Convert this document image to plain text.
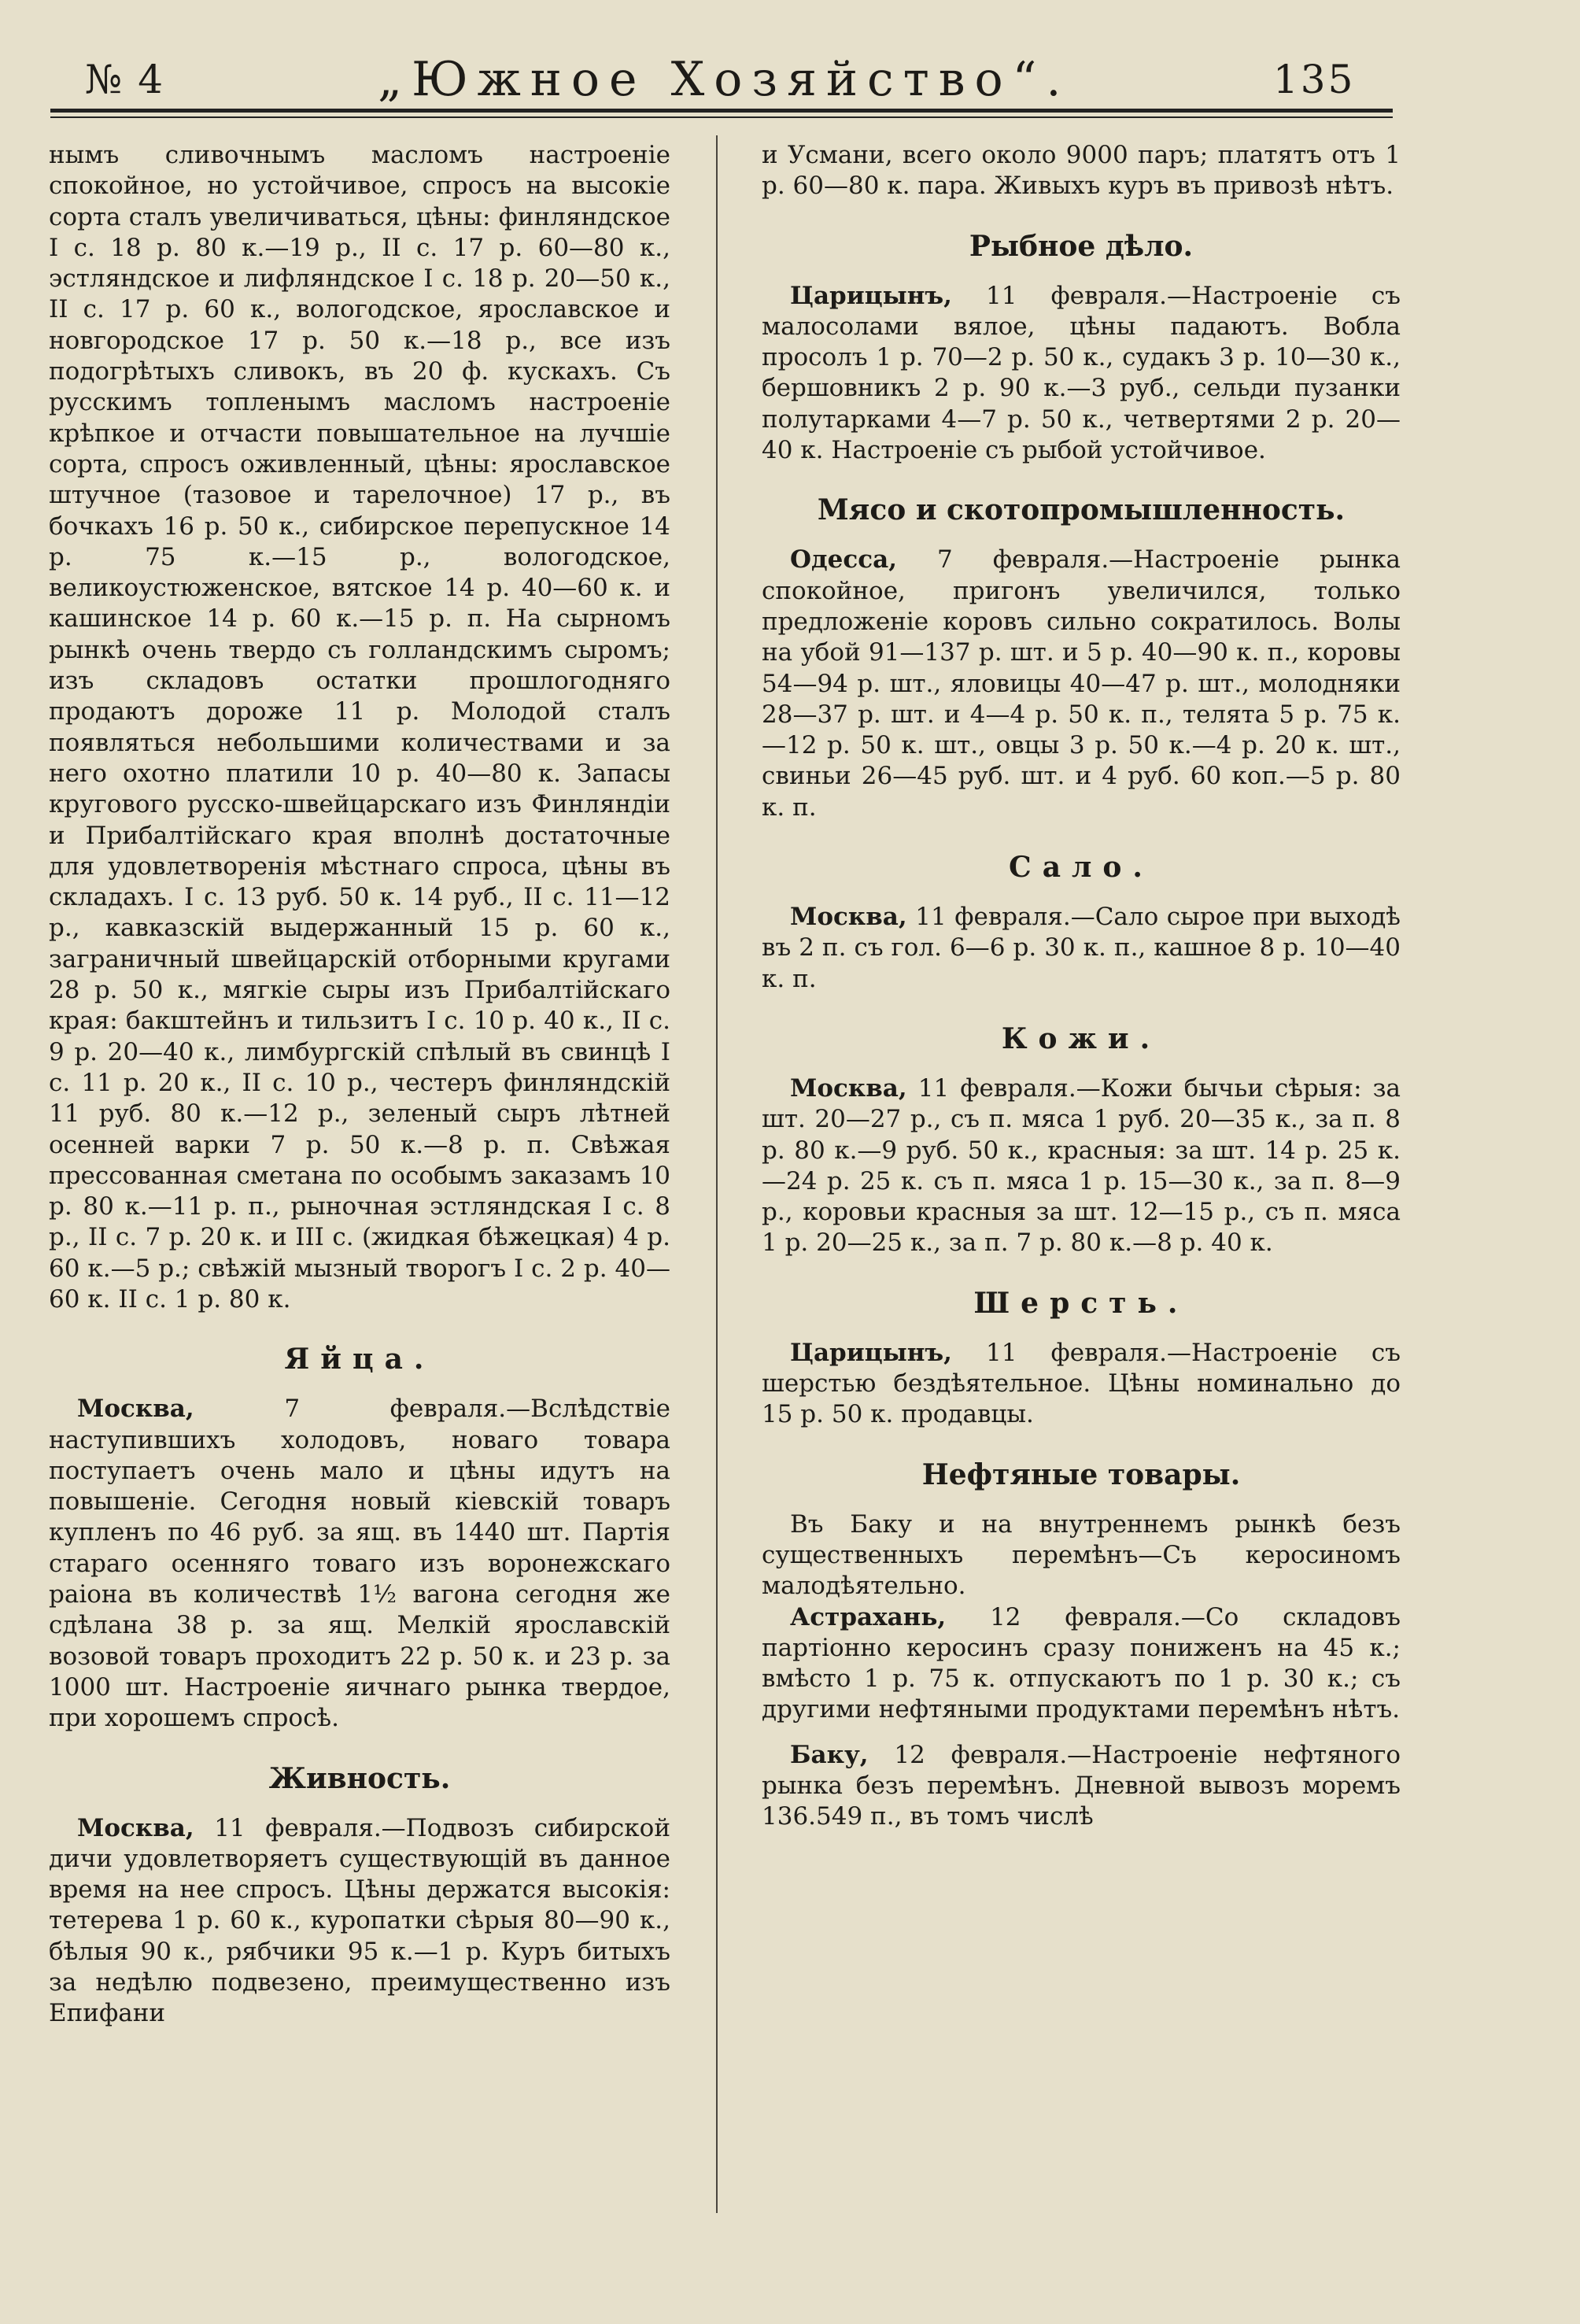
№ 4	„Южное Хозяйство“.	135

нымъ сливочнымъ масломъ настроеніе спокойное, но устойчивое, спросъ на высокіе сорта сталъ увеличиваться, цѣны: финляндское I с. 18 р. 80 к.—19 р., II с. 17 р. 60—80 к., эстляндское и лифляндское I с. 18 р. 20—50 к., II с. 17 р. 60 к., вологодское, ярославское и новгородское 17 р. 50 к.—18 р., все изъ подогрѣтыхъ сливокъ, въ 20 ф. кускахъ. Съ русскимъ топленымъ масломъ настроеніе крѣпкое и отчасти повышательное на лучшіе сорта, спросъ оживленный, цѣны: ярославское штучное (тазовое и тарелочное) 17 р., въ бочкахъ 16 р. 50 к., сибирское перепускное 14 р. 75 к.—15 р., вологодское, великоустюженское, вятское 14 р. 40—60 к. и кашинское 14 р. 60 к.—15 р. п. На сырномъ рынкѣ очень твердо съ голландскимъ сыромъ; изъ складовъ остатки прошлогодняго продаютъ дороже 11 р. Молодой сталъ появляться небольшими количествами и за него охотно платили 10 р. 40—80 к. Запасы кругового русско-швейцарскаго изъ Финляндіи и Прибалтійскаго края вполнѣ достаточные для удовлетворенія мѣстнаго спроса, цѣны въ складахъ. I с. 13 руб. 50 к. 14 руб., II с. 11—12 р., кавказскій выдержанный 15 р. 60 к., заграничный швейцарскій отборными кругами 28 р. 50 к., мягкіе сыры изъ Прибалтійскаго края: бакштейнъ и тильзитъ I с. 10 р. 40 к., II с. 9 р. 20—40 к., лимбургскій спѣлый въ свинцѣ I с. 11 р. 20 к., II с. 10 р., честеръ финляндскій 11 руб. 80 к.—12 р., зеленый сыръ лѣтней осенней варки 7 р. 50 к.—8 р. п. Свѣжая прессованная сметана по особымъ заказамъ 10 р. 80 к.—11 р. п., рыночная эстляндская I с. 8 р., II с. 7 р. 20 к. и III с. (жидкая бѣжецкая) 4 р. 60 к.—5 р.; свѣжій мызный творогъ I с. 2 р. 40—60 к. II с. 1 р. 80 к.

Яйца.

Москва, 7 февраля.—Вслѣдствіе наступившихъ холодовъ, новаго товара поступаетъ очень мало и цѣны идутъ на повышеніе. Сегодня новый кіевскій товаръ купленъ по 46 руб. за ящ. въ 1440 шт. Партія стараго осенняго товаго изъ воронежскаго раіона въ количествѣ 1½ вагона сегодня же сдѣлана 38 р. за ящ. Мелкій ярославскій возовой товаръ проходитъ 22 р. 50 к. и 23 р. за 1000 шт. Настроеніе яичнаго рынка твердое, при хорошемъ спросѣ.

Живность.

Москва, 11 февраля.—Подвозъ сибирской дичи удовлетворяетъ существующій въ данное время на нее спросъ. Цѣны держатся высокія: тетерева 1 р. 60 к., куропатки сѣрыя 80—90 к., бѣлыя 90 к., рябчики 95 к.—1 р. Куръ битыхъ за недѣлю подвезено, преимущественно изъ Епифани

и Усмани, всего около 9000 паръ; платятъ отъ 1 р. 60—80 к. пара. Живыхъ куръ въ привозѣ нѣтъ.

Рыбное дѣло.

Царицынъ, 11 февраля.—Настроеніе съ малосолами вялое, цѣны падаютъ. Вобла просолъ 1 р. 70—2 р. 50 к., судакъ 3 р. 10—30 к., бершовникъ 2 р. 90 к.—3 руб., сельди пузанки полутарками 4—7 р. 50 к., четвертями 2 р. 20—40 к. Настроеніе съ рыбой устойчивое.

Мясо и скотопромышленность.

Одесса, 7 февраля.—Настроеніе рынка спокойное, пригонъ увеличился, только предложеніе коровъ сильно сократилось. Волы на убой 91—137 р. шт. и 5 р. 40—90 к. п., коровы 54—94 р. шт., яловицы 40—47 р. шт., молодняки 28—37 р. шт. и 4—4 р. 50 к. п., телята 5 р. 75 к.—12 р. 50 к. шт., овцы 3 р. 50 к.—4 р. 20 к. шт., свиньи 26—45 руб. шт. и 4 руб. 60 коп.—5 р. 80 к. п.

Сало.

Москва, 11 февраля.—Сало сырое при выходѣ въ 2 п. съ гол. 6—6 р. 30 к. п., кашное 8 р. 10—40 к. п.

Кожи.

Москва, 11 февраля.—Кожи бычьи сѣрыя: за шт. 20—27 р., съ п. мяса 1 руб. 20—35 к., за п. 8 р. 80 к.—9 руб. 50 к., красныя: за шт. 14 р. 25 к.—24 р. 25 к. съ п. мяса 1 р. 15—30 к., за п. 8—9 р., коровьи красныя за шт. 12—15 р., съ п. мяса 1 р. 20—25 к., за п. 7 р. 80 к.—8 р. 40 к.

Шерсть.

Царицынъ, 11 февраля.—Настроеніе съ шерстью бездѣятельное. Цѣны номинально до 15 р. 50 к. продавцы.

Нефтяные товары.

Въ Баку и на внутреннемъ рынкѣ безъ существенныхъ перемѣнъ—Съ керосиномъ малодѣятельно.

Астрахань, 12 февраля.—Со складовъ партіонно керосинъ сразу пониженъ на 45 к.; вмѣсто 1 р. 75 к. отпускаютъ по 1 р. 30 к.; съ другими нефтяными продуктами перемѣнъ нѣтъ.

Баку, 12 февраля.—Настроеніе нефтяного рынка безъ перемѣнъ. Дневной вывозъ моремъ 136.549 п., въ томъ числѣ
